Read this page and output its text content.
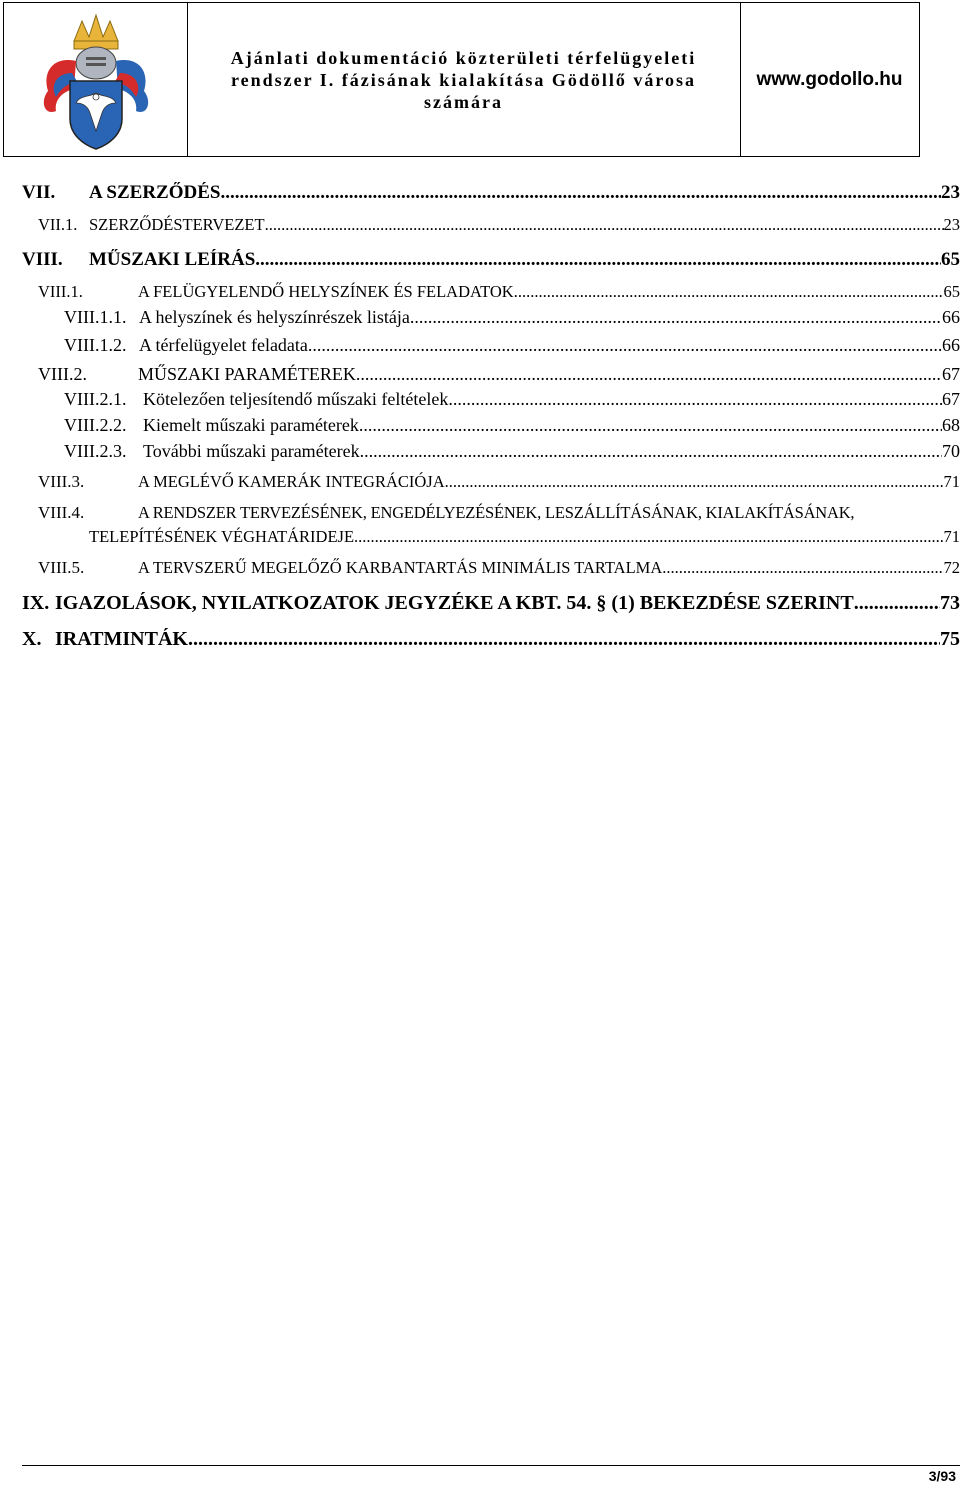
Ajánlati dokumentáció közterületi térfelügyeleti rendszer I. fázisának kialakítása Gödöllő városa számára
www.godollo.hu
VII. A SZERZŐDÉS .....	23
VII.1. SZERZŐDÉSTERVEZET .....	23
VIII. MŰSZAKI LEÍRÁS .....	65
VIII.1.	A FELÜGYELENDŐ HELYSZÍNEK ÉS FELADATOK .....	65
VIII.1.1. A helyszínek és helyszínrészek listája .....	66
VIII.1.2. A térfelügyelet feladata .....	66
VIII.2.	MŰSZAKI PARAMÉTEREK .....	67
VIII.2.1. Kötelezően teljesítendő műszaki feltételek .....	67
VIII.2.2. Kiemelt műszaki paraméterek .....	68
VIII.2.3. További műszaki paraméterek .....	70
VIII.3.	A MEGLÉVŐ KAMERÁK INTEGRÁCIÓJA .....	71
VIII.4.	A RENDSZER TERVEZÉSÉNEK, ENGEDÉLYEZÉSÉNEK, LESZÁLLÍTÁSÁNAK, KIALAKÍTÁSÁNAK,
TELEPÍTÉSÉNEK VÉGHATÁRIDEJE .....	71
VIII.5.	A TERVSZERŰ MEGELŐZŐ KARBANTARTÁS MINIMÁLIS TARTALMA .....	72
IX. IGAZOLÁSOK, NYILATKOZATOK JEGYZÉKE A KBT. 54. § (1) BEKEZDÉSE SZERINT .....	73
X. IRATMINTÁK .....	75
3/93
